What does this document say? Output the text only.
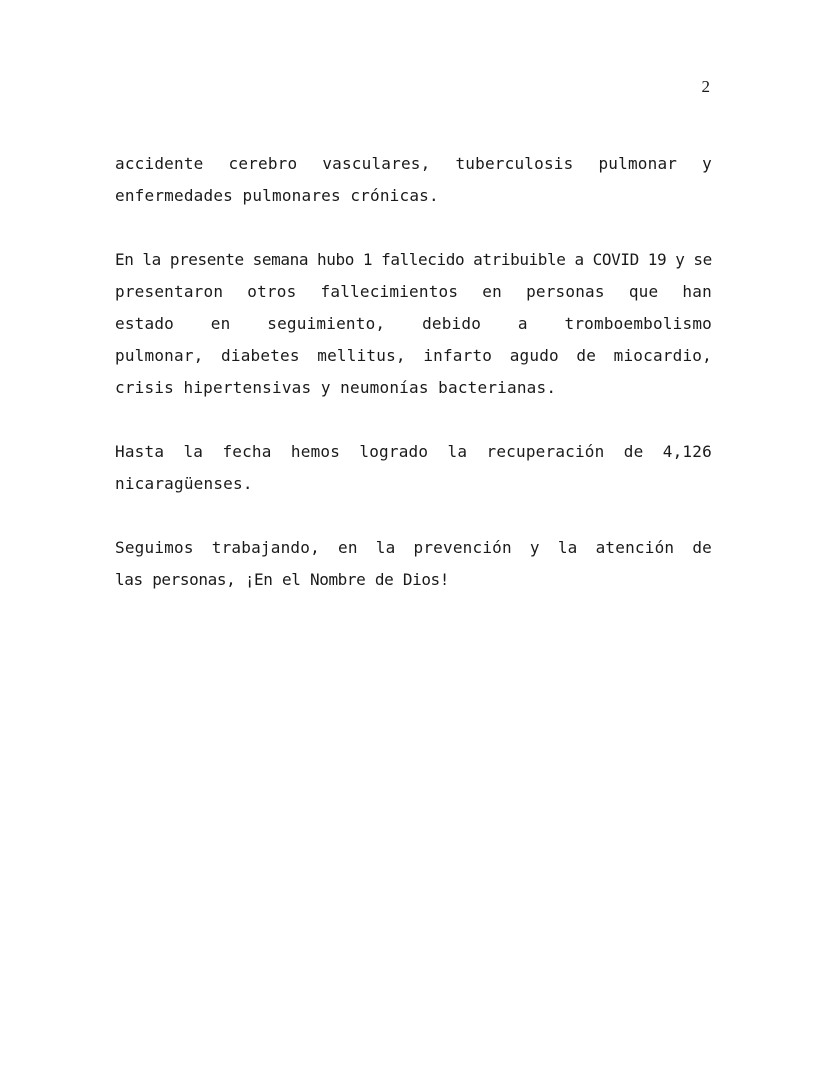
2
accidente cerebro vasculares, tuberculosis pulmonar y
enfermedades pulmonares crónicas.
En la presente semana hubo 1 fallecido atribuible a COVID 19 y se
presentaron otros fallecimientos en personas que han
estado en seguimiento, debido a tromboembolismo
pulmonar, diabetes mellitus, infarto agudo de miocardio,
crisis hipertensivas y neumonías bacterianas.
Hasta la fecha hemos logrado la recuperación de 4,126
nicaragüenses.
Seguimos trabajando, en la prevención y la atención de
las personas, ¡En el Nombre de Dios!
